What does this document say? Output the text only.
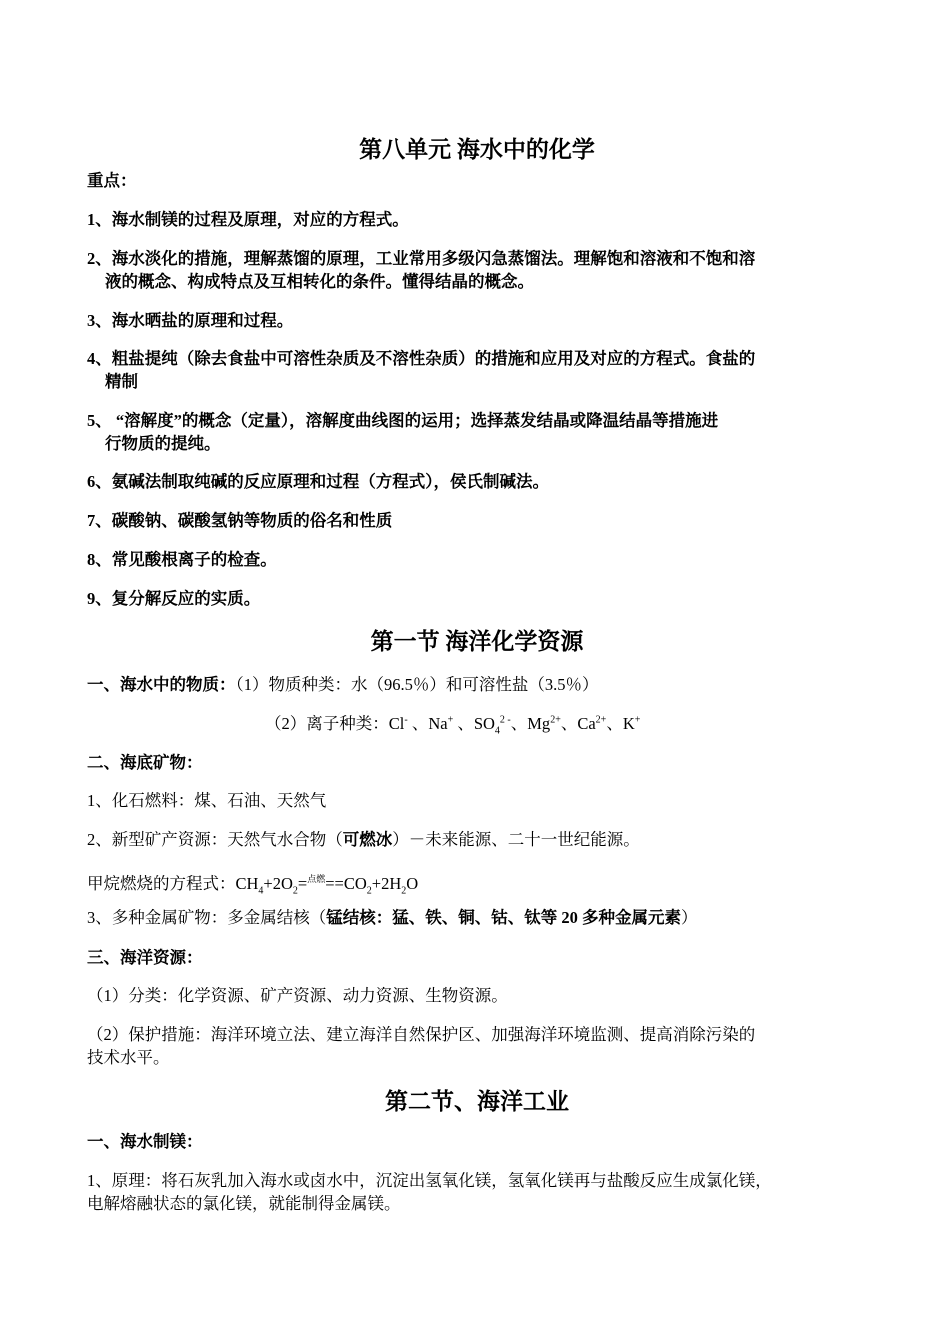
第八单元 海水中的化学
重点：
1、海水制镁的过程及原理，对应的方程式。
2、海水淡化的措施，理解蒸馏的原理，工业常用多级闪急蒸馏法。理解饱和溶液和不饱和溶
液的概念、构成特点及互相转化的条件。懂得结晶的概念。
3、海水晒盐的原理和过程。
4、粗盐提纯（除去食盐中可溶性杂质及不溶性杂质）的措施和应用及对应的方程式。食盐的
精制
5、 “溶解度”的概念（定量），溶解度曲线图的运用；选择蒸发结晶或降温结晶等措施进
行物质的提纯。
6、氨碱法制取纯碱的反应原理和过程（方程式），侯氏制碱法。
7、碳酸钠、碳酸氢钠等物质的俗名和性质
8、常见酸根离子的检查。
9、复分解反应的实质。
第一节 海洋化学资源
一、海水中的物质：（1）物质种类：水（96.5％）和可溶性盐（3.5％）
（2）离子种类：Cl- 、Na+ 、$SO_4^{2 -}$、$Mg^{2+}$、$Ca^{2+}$、K+
二、海底矿物：
1、化石燃料：煤、石油、天然气
2、新型矿产资源：天然气水合物（可燃冰）－未来能源、二十一世纪能源。
甲烷燃烧的方程式：$CH_4+2O_2=^{点燃}==CO_2+2H_2O$
3、多种金属矿物：多金属结核（锰结核：猛、铁、铜、钴、钛等 20 多种金属元素）
三、海洋资源：
（1）分类：化学资源、矿产资源、动力资源、生物资源。
（2）保护措施：海洋环境立法、建立海洋自然保护区、加强海洋环境监测、提高消除污染的
技术水平。
第二节、海洋工业
一、海水制镁：
1、原理：将石灰乳加入海水或卤水中，沉淀出氢氧化镁，氢氧化镁再与盐酸反应生成氯化镁，
电解熔融状态的氯化镁，就能制得金属镁。
